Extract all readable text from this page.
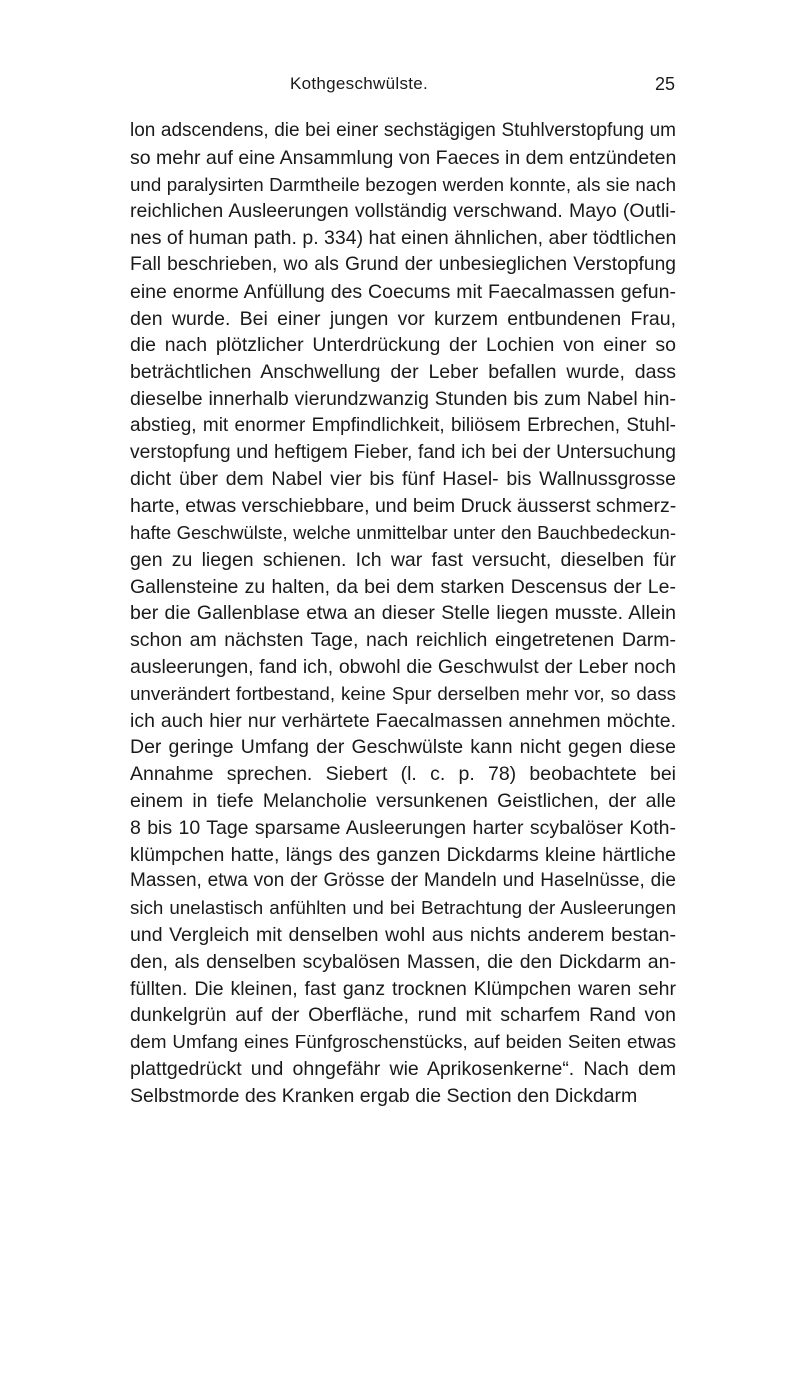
Kothgeschwülste.	25
lon adscendens, die bei einer sechstägigen Stuhlverstopfung um
so mehr auf eine Ansammlung von Faeces in dem entzündeten
und paralysirten Darmtheile bezogen werden konnte, als sie nach
reichlichen Ausleerungen vollständig verschwand. Mayo (Outli-
nes of human path. p. 334) hat einen ähnlichen, aber tödtlichen
Fall beschrieben, wo als Grund der unbesieglichen Verstopfung
eine enorme Anfüllung des Coecums mit Faecalmassen gefun-
den wurde. Bei einer jungen vor kurzem entbundenen Frau,
die nach plötzlicher Unterdrückung der Lochien von einer so
beträchtlichen Anschwellung der Leber befallen wurde, dass
dieselbe innerhalb vierundzwanzig Stunden bis zum Nabel hin-
abstieg, mit enormer Empfindlichkeit, biliösem Erbrechen, Stuhl-
verstopfung und heftigem Fieber, fand ich bei der Untersuchung
dicht über dem Nabel vier bis fünf Hasel- bis Wallnussgrosse
harte, etwas verschiebbare, und beim Druck äusserst schmerz-
hafte Geschwülste, welche unmittelbar unter den Bauchbedeckun-
gen zu liegen schienen. Ich war fast versucht, dieselben für
Gallensteine zu halten, da bei dem starken Descensus der Le-
ber die Gallenblase etwa an dieser Stelle liegen musste. Allein
schon am nächsten Tage, nach reichlich eingetretenen Darm-
ausleerungen, fand ich, obwohl die Geschwulst der Leber noch
unverändert fortbestand, keine Spur derselben mehr vor, so dass
ich auch hier nur verhärtete Faecalmassen annehmen möchte.
Der geringe Umfang der Geschwülste kann nicht gegen diese
Annahme sprechen. Siebert (l. c. p. 78) beobachtete bei
einem in tiefe Melancholie versunkenen Geistlichen, der alle
8 bis 10 Tage sparsame Ausleerungen harter scybalöser Koth-
klümpchen hatte, längs des ganzen Dickdarms kleine härtliche
Massen, etwa von der Grösse der Mandeln und Haselnüsse, die
sich unelastisch anfühlten und bei Betrachtung der Ausleerungen
und Vergleich mit denselben wohl aus nichts anderem bestan-
den, als denselben scybalösen Massen, die den Dickdarm an-
füllten. Die kleinen, fast ganz trocknen Klümpchen waren sehr
dunkelgrün auf der Oberfläche, rund mit scharfem Rand von
dem Umfang eines Fünfgroschenstücks, auf beiden Seiten etwas
plattgedrückt und ohngefähr wie Aprikosenkerne“. Nach dem
Selbstmorde des Kranken ergab die Section den Dickdarm
